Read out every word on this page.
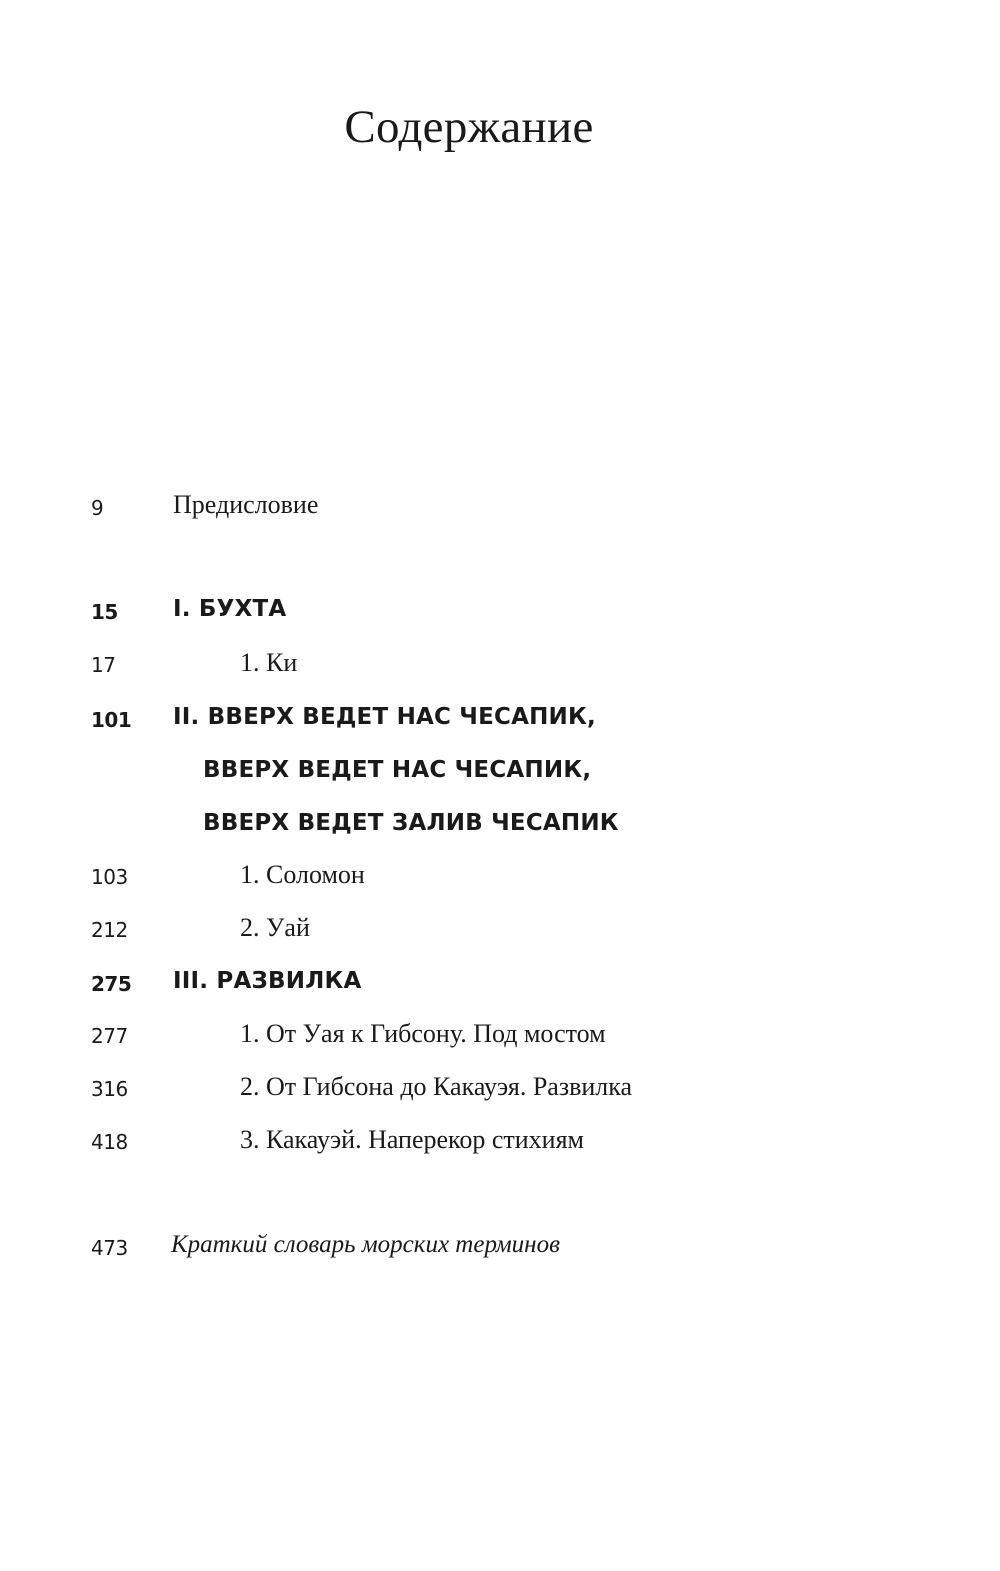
Содержание
9	Предисловие
15 I. БУХТА
17	1. Ки
101 II. ВВЕРХ ВЕДЕТ НАС ЧЕСАПИК,
ВВЕРХ ВЕДЕТ НАС ЧЕСАПИК,
ВВЕРХ ВЕДЕТ ЗАЛИВ ЧЕСАПИК
103	1. Соломон
212	2. Уай
275 III. РАЗВИЛКА
277	1. От Уая к Гибсону. Под мостом
316	2. От Гибсона до Какауэя. Развилка
418	3. Какауэй. Наперекор стихиям
473 Краткий словарь морских терминов
